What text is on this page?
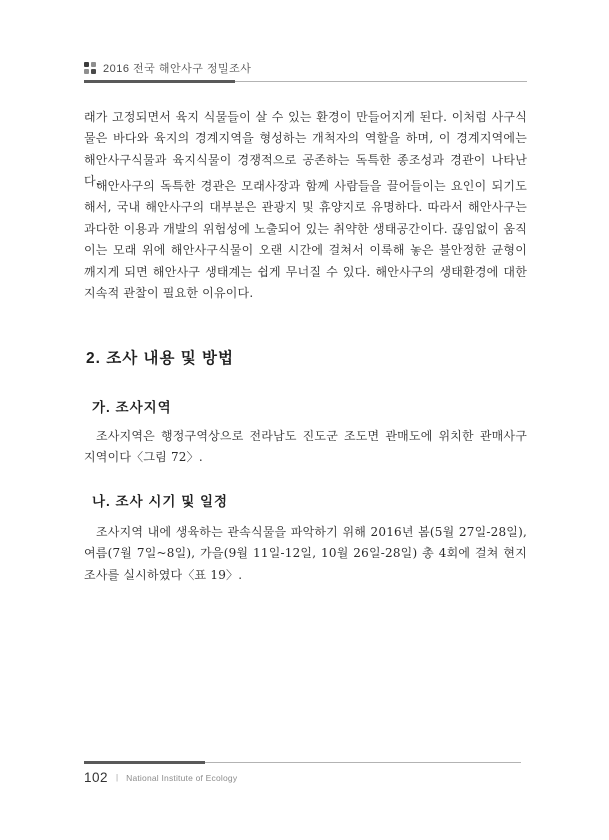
2016 전국 해안사구 정밀조사

래가 고정되면서 육지 식물들이 살 수 있는 환경이 만들어지게 된다. 이처럼 사구식물은 바다와 육지의 경계지역을 형성하는 개척자의 역할을 하며, 이 경계지역에는 해안사구식물과 육지식물이 경쟁적으로 공존하는 독특한 종조성과 경관이 나타난다.

해안사구의 독특한 경관은 모래사장과 함께 사람들을 끌어들이는 요인이 되기도 해서, 국내 해안사구의 대부분은 관광지 및 휴양지로 유명하다. 따라서 해안사구는 과다한 이용과 개발의 위험성에 노출되어 있는 취약한 생태공간이다. 끊임없이 움직이는 모래 위에 해안사구식물이 오랜 시간에 걸쳐서 이룩해 놓은 불안정한 균형이 깨지게 되면 해안사구 생태계는 쉽게 무너질 수 있다. 해안사구의 생태환경에 대한 지속적 관찰이 필요한 이유이다.

2. 조사 내용 및 방법
가. 조사지역

조사지역은 행정구역상으로 전라남도 진도군 조도면 관매도에 위치한 관매사구 지역이다〈그림 72〉.

나. 조사 시기 및 일정

조사지역 내에 생육하는 관속식물을 파악하기 위해 2016년 봄(5월 27일-28일), 여름(7월 7일~8일), 가을(9월 11일-12일, 10월 26일-28일) 총 4회에 걸쳐 현지조사를 실시하였다〈표 19〉.

102 | National Institute of Ecology
